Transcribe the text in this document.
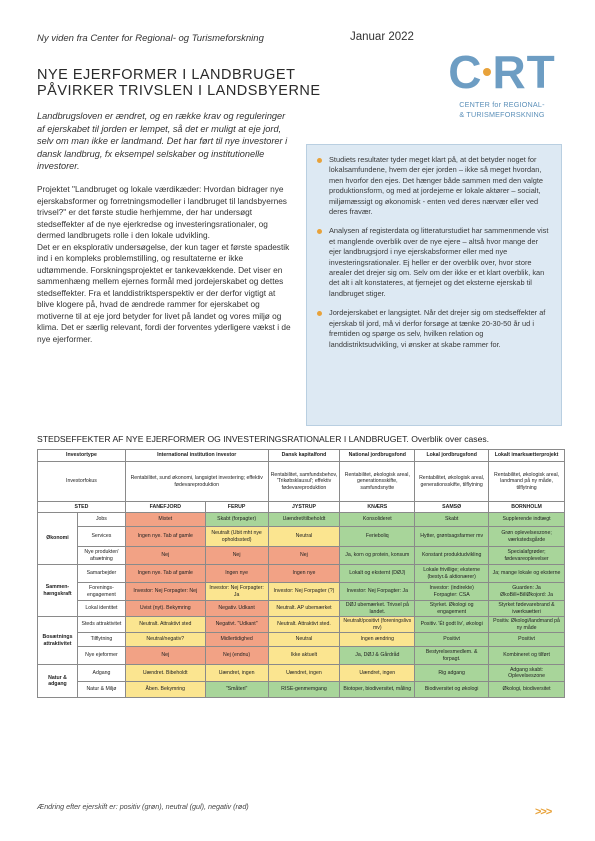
Ny viden fra Center for Regional- og Turismeforskning	Januar 2022
C RT
CENTER for REGIONAL-
& TURISMEFORSKNING
NYE EJERFORMER I LANDBRUGET
PÅVIRKER TRIVSLEN I LANDSBYERNE
Landbrugsloven er ændret, og en række krav og reguleringer af ejerskabet til jorden er lempet, så det er muligt at eje jord, selv om man ikke er landmand. Det har ført til nye investorer i dansk landbrug, fx eksempel selskaber og institutionelle investorer.

Projektet "Landbruget og lokale værdikæder: Hvordan bidrager nye ejerskabsformer og forretningsmodeller i landbruget til landsbyernes trivsel?" er det første studie herhjemme, der har undersøgt stedseffekter af de nye ejerkredse og investeringsrationaler, og dermed landbrugets rolle i den lokale udvikling.

Det er en eksplorativ undersøgelse, der kun tager et første spadestik ind i en kompleks problemstilling, og resultaterne er ikke udtømmende. Forskningsprojektet er tankevækkende. Det viser en sammenhæng mellem ejernes formål med jordejerskabet og dettes stedseffekter. Fra et landdistriktsperspektiv er der derfor vigtigt at blive klogere på, hvad de ændrede rammer for ejerskabet og motiverne til at eje jord betyder for livet på landet og vores miljø og klima. Det er særlig relevant, fordi der forventes yderligere vækst i de nye ejerformer.

Studiets resultater tyder meget klart på, at det betyder noget for lokalsamfundene, hvem der ejer jorden – ikke så meget hvordan, men hvorfor den ejes. Det hænger både sammen med den valgte produktionsform, og med at jordejerne er lokale aktører – socialt, miljømæssigt og økonomisk - enten ved deres nærvær eller ved deres fravær.
Analysen af registerdata og litteraturstudiet har sammenmende vist et manglende overblik over de nye ejere – altså hvor mange der ejer landbrugsjord i nye ejerskabsformer eller med nye investeringsrationaler. Ej heller er der overblik over, hvor store arealer det drejer sig om. Selv om der ikke er et klart overblik, kan det alt i alt konstateres, at fjernejet og det eksterne ejerskab til landbruget stiger.
Jordejerskabet er langsigtet. Når det drejer sig om stedseffekter af ejerskab til jord, må vi derfor forsøge at tænke 20-30-50 år ud i fremtiden og spørge os selv, hvilken relation og landdistriktsudvikling, vi ønsker at skabe rammer for.
STEDSEFFEKTER AF NYE EJERFORMER OG INVESTERINGSRATIONALER I LANDBRUGET. Overblik over cases.
Investortype		International institution investor		Dansk kapitalfond	National jordbrugsfond	Lokal jordbrugsfond	Lokalt imarksætterprojekt
Investorfokus		Rentabilitet, sund økonomi, langsigtet investering; effektiv fødevareproduktion		Rentabilitet, samfundsbehov, 'Trikøbsklausul'; effektiv fødevareproduktion	Rentabilitet, økologisk areal, generationsskifte, samfundsnytte	Rentabilitet, økologisk areal, generationsskifte, tilflytning	Rentabilitet, økologisk areal, landmand på ny måde, tilflytning
STED		FANEFJORD	FERUP	JYSTRUP	KNÆRS	SAMSØ	BORNHOLM
Økonomi	Jobs	Mistet	Skabt (forpagter)	Uændret/tilbehoIdt	Konsolideret	Skabt	Supplerende indtægt
	Services	Ingen nye. Tab af gamle	Neutralt (Ubit mht nye opholdssted)	Neutral	Ferieboliq	Hytter, grøntsagsfarmer mv	Grøn oplevelseszone; værkstedsgårde
	Nye produkter/ afsætning	Nej	Nej	Nej	Ja, korn og protein, konsum	Konstant produktudvikling	Specialafgrøder; fødevareoplevelser
Sammen-hængskraft	Samarbejder	Ingen nye. Tab af gamle	Ingen nye	Ingen nye	Lokalt og eksternt (DØJ)	Lokale frivillige; eksterne (bestyr.& aktionærer)	Ja; mange lokale og eksterne
	Forenings-engagement	Investor: Nej Forpagter: Nej	Investor: Nej Forpagter: Ja	Investor: Nej Forpagter (?)	Investor: Nej Forpagter: Ja	Investor: (indirekte) Forpagter: CSA	Guarden: Ja ØkoBill+BillØkojord: Ja
	Lokal identitet	Uvist (nyt). Bekymring	Negativ. Udkant	Neutralt. AP ubemærket	DØJ ubemærket. Trivsel på landet.	Styrket. Økologi og engagement	Styrket fødevarebrand & iværksætteri
Bosætnings attraktivitet	Steds attraktivitet	Neutralt. Attraktivt sted	Negativt. "Udkant"	Neutralt. Attraktivt sted.	Neutralt/positivt (foreningslivs mv)	Positiv. 'Ét godt liv', økologi	Positiv. Økologi/landmand på ny måde
	Tilflytning	Neutral/negativ?	Midlertidighed	Neutral	Ingen ændring	Positivt	Positivt
	Nye ejeformer	Nej	Nej (endnu)	Ikke aktuelt	Ja, DØJ & Gårdråd	Bestyrelsesmedlem. & forpagt.	Kombineret og tilført
Natur & adgang	Adgang	Uændret. Bibeholdt	Uændret, ingen	Uændret, ingen	Uændret, ingen	Rig adgang	Adgang skabt: Oplevelseszone
	Natur & Miljø	Åben. Bekymring	"Småteri"	RISE-genmemgang	Biotoper, biodiversitet, måling	Biodiversitet og økologi	Økologi, biodiversitet
Ændring efter ejerskift er: positiv (grøn), neutral (gul), negativ (rød)	>>>
